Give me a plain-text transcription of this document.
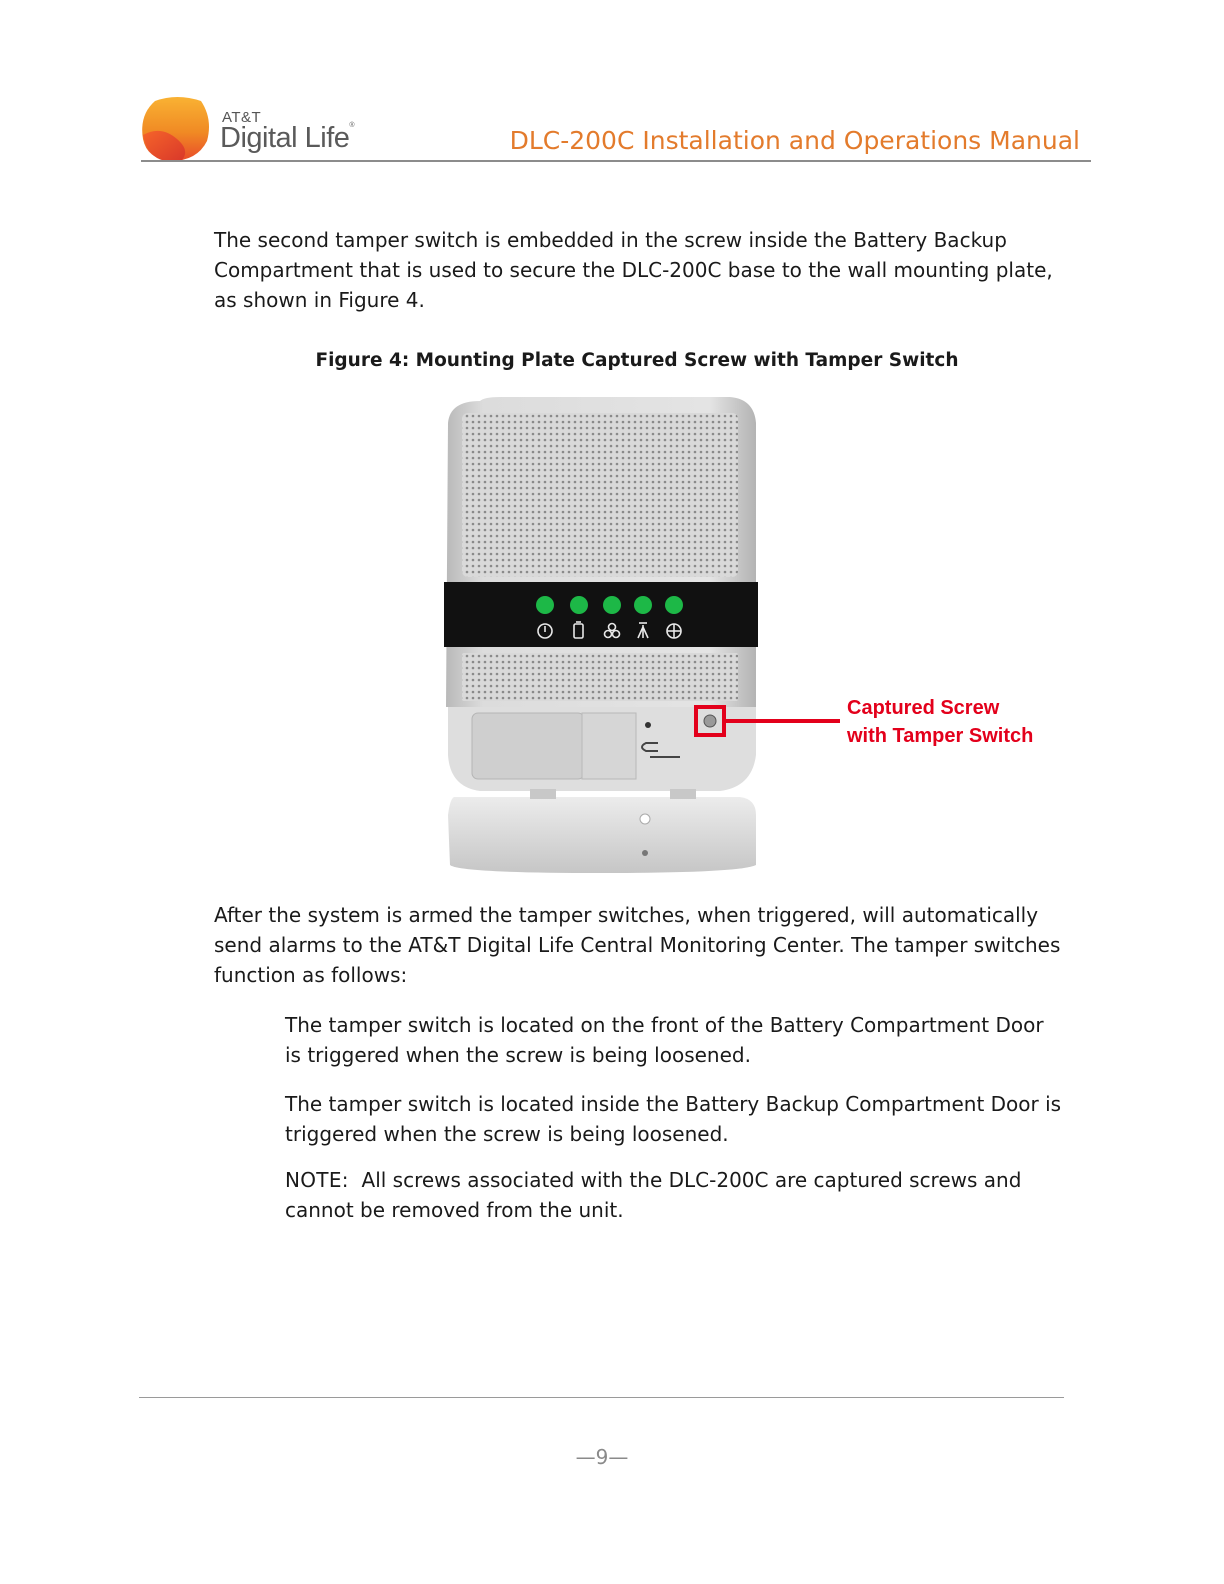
AT&T
Digital Life®
DLC-200C Installation and Operations Manual

The second tamper switch is embedded in the screw inside the Battery Backup Compartment that is used to secure the DLC-200C base to the wall mounting plate, as shown in Figure 4.

Figure 4: Mounting Plate Captured Screw with Tamper Switch
Captured Screw
with Tamper Switch

After the system is armed the tamper switches, when triggered, will automatically send alarms to the AT&T Digital Life Central Monitoring Center. The tamper switches function as follows:

The tamper switch is located on the front of the Battery Compartment Door is triggered when the screw is being loosened.

The tamper switch is located inside the Battery Backup Compartment Door is triggered when the screw is being loosened.

NOTE: All screws associated with the DLC-200C are captured screws and cannot be removed from the unit.

—9—
